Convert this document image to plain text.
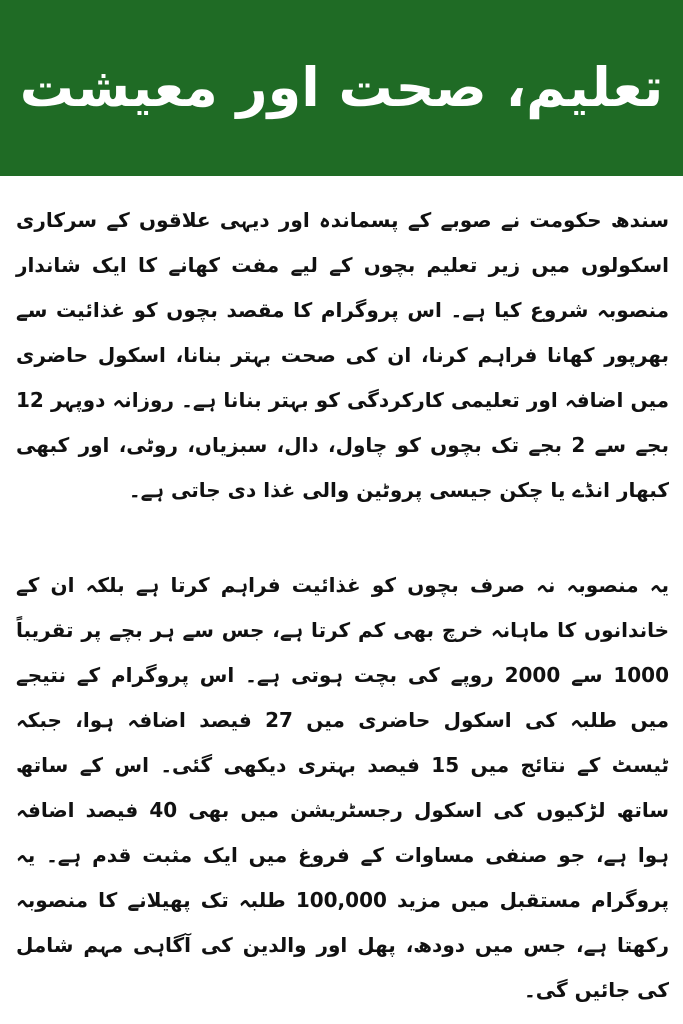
تعلیم، صحت اور معیشت

سندھ حکومت نے صوبے کے پسماندہ اور دیہی علاقوں کے سرکاری اسکولوں میں زیر تعلیم بچوں کے لیے مفت کھانے کا ایک شاندار منصوبہ شروع کیا ہے۔ اس پروگرام کا مقصد بچوں کو غذائیت سے بھرپور کھانا فراہم کرنا، ان کی صحت بہتر بنانا، اسکول حاضری میں اضافہ اور تعلیمی کارکردگی کو بہتر بنانا ہے۔ روزانہ دوپہر 12 بجے سے 2 بجے تک بچوں کو چاول، دال، سبزیاں، روٹی، اور کبھی کبھار انڈے یا چکن جیسی پروٹین والی غذا دی جاتی ہے۔

یہ منصوبہ نہ صرف بچوں کو غذائیت فراہم کرتا ہے بلکہ ان کے خاندانوں کا ماہانہ خرچ بھی کم کرتا ہے، جس سے ہر بچے پر تقریباً 1000 سے 2000 روپے کی بچت ہوتی ہے۔ اس پروگرام کے نتیجے میں طلبہ کی اسکول حاضری میں 27 فیصد اضافہ ہوا، جبکہ ٹیسٹ کے نتائج میں 15 فیصد بہتری دیکھی گئی۔ اس کے ساتھ ساتھ لڑکیوں کی اسکول رجسٹریشن میں بھی 40 فیصد اضافہ ہوا ہے، جو صنفی مساوات کے فروغ میں ایک مثبت قدم ہے۔ یہ پروگرام مستقبل میں مزید 100,000 طلبہ تک پھیلانے کا منصوبہ رکھتا ہے، جس میں دودھ، پھل اور والدین کی آگاہی مہم شامل کی جائیں گی۔
